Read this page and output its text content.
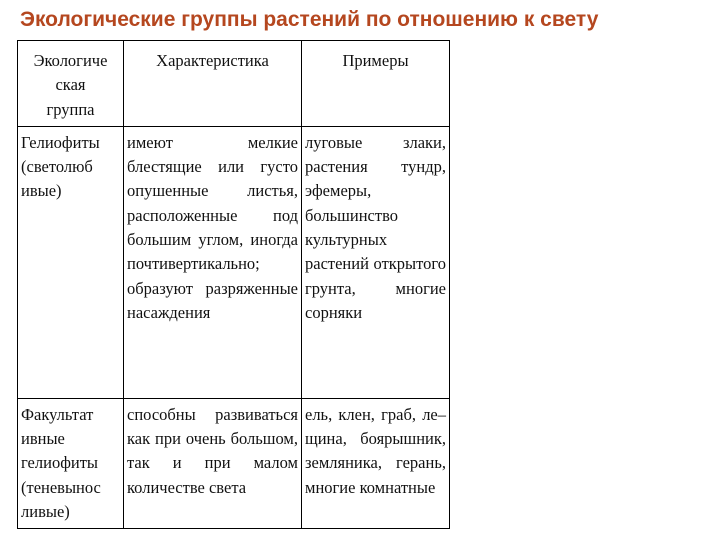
Экологические группы растений по отношению к свету
Экологиче
ская
группа	Характеристика	Примеры

Гелиофиты
(светолюб
ивые)	имеют мелкие блестящие или густо опушенные листья, расположенные под большим углом, иногда почтивертикально; образуют разряженные насаждения	луговые злаки, растения тундр, эфемеры, большинство культурных растений открытого грунта, многие сорняки

Факультат
ивные
гелиофиты
(теневынос
ливые)	способны развиваться как при очень большом, так и при малом количестве света	ель, клен, граб, ле–щина, боярышник, земляника, герань, многие комнатные
